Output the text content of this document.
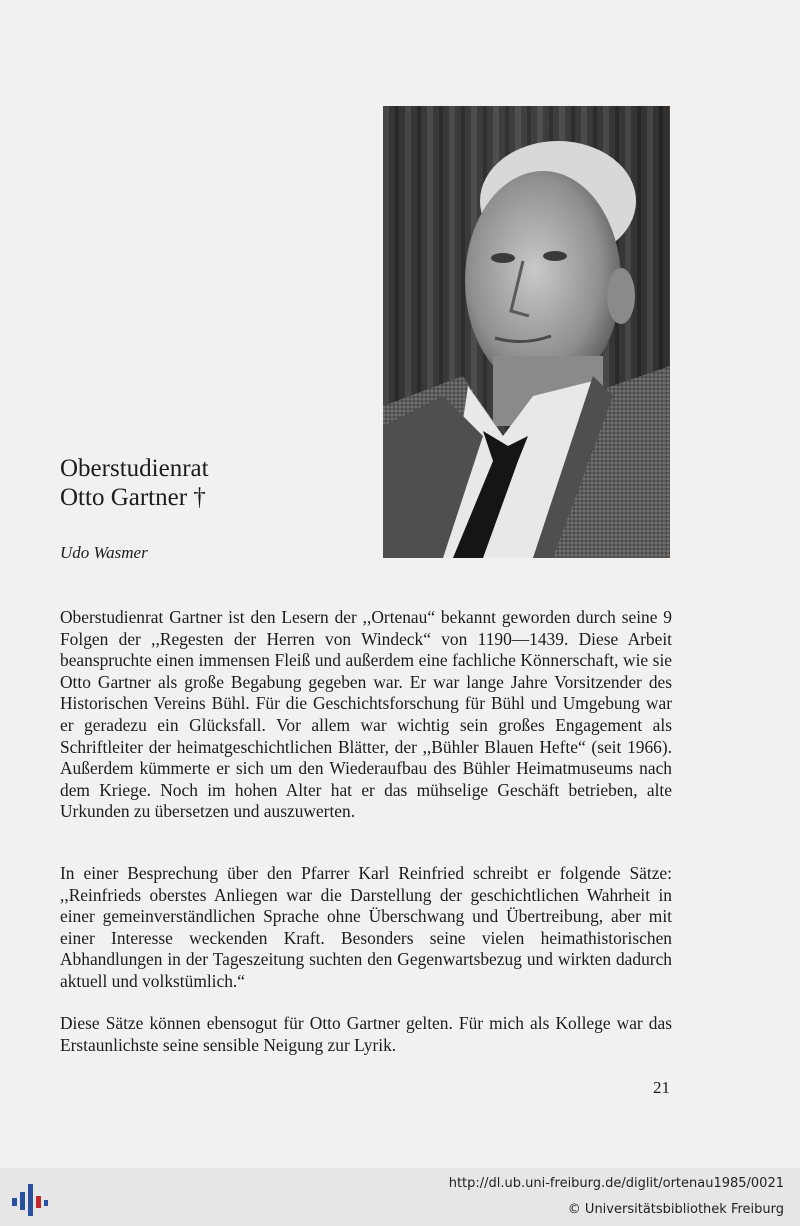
Oberstudienrat
Otto Gartner †
Udo Wasmer

Oberstudienrat Gartner ist den Lesern der ,,Ortenau“ bekannt geworden durch seine 9 Folgen der ,,Regesten der Herren von Windeck“ von 1190—1439. Diese Arbeit beanspruchte einen immensen Fleiß und außerdem eine fachliche Könnerschaft, wie sie Otto Gartner als große Begabung gegeben war. Er war lange Jahre Vorsitzender des Historischen Vereins Bühl. Für die Geschichtsforschung für Bühl und Umgebung war er geradezu ein Glücksfall. Vor allem war wichtig sein großes Engagement als Schriftleiter der heimatgeschichtlichen Blätter, der ,,Bühler Blauen Hefte“ (seit 1966). Außerdem kümmerte er sich um den Wiederaufbau des Bühler Heimatmuseums nach dem Kriege. Noch im hohen Alter hat er das mühselige Geschäft betrieben, alte Urkunden zu übersetzen und auszuwerten.

In einer Besprechung über den Pfarrer Karl Reinfried schreibt er folgende Sätze: ,,Reinfrieds oberstes Anliegen war die Darstellung der geschichtlichen Wahrheit in einer gemeinverständlichen Sprache ohne Überschwang und Übertreibung, aber mit einer Interesse weckenden Kraft. Besonders seine vielen heimathistorischen Abhandlungen in der Tageszeitung suchten den Gegenwartsbezug und wirkten dadurch aktuell und volkstümlich.“

Diese Sätze können ebensogut für Otto Gartner gelten. Für mich als Kollege war das Erstaunlichste seine sensible Neigung zur Lyrik.

21
http://dl.ub.uni-freiburg.de/diglit/ortenau1985/0021
© Universitätsbibliothek Freiburg
